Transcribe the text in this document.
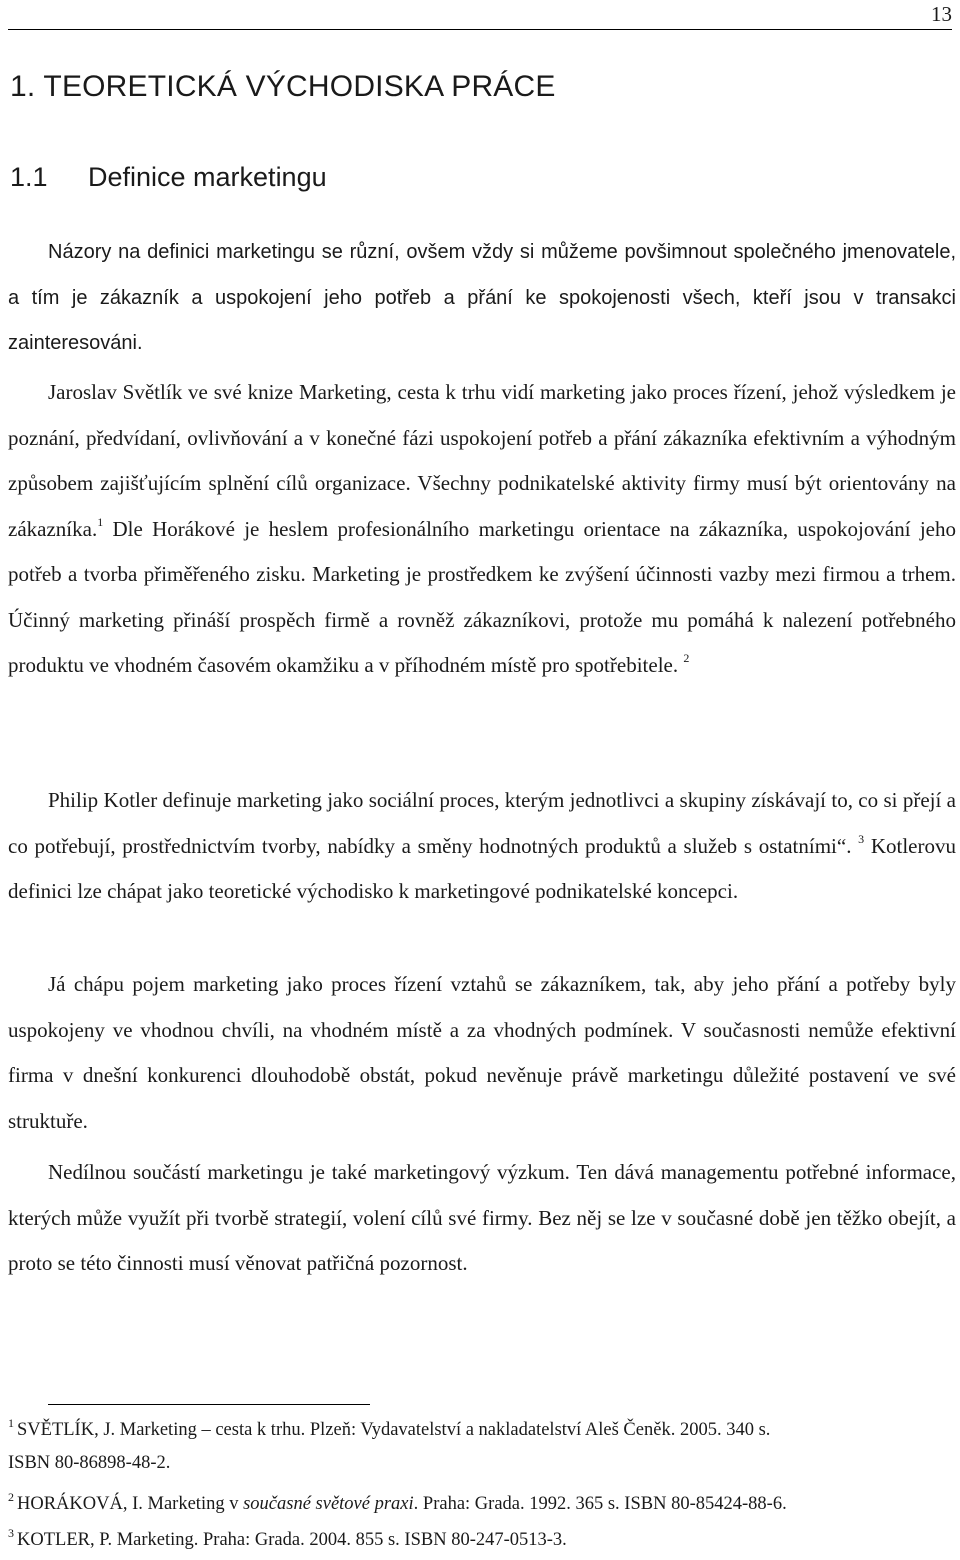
13
1. TEORETICKÁ VÝCHODISKA PRÁCE
1.1 Definice marketingu

Názory na definici marketingu se různí, ovšem vždy si můžeme povšimnout společného jmenovatele, a tím je zákazník a uspokojení jeho potřeb a přání ke spokojenosti všech, kteří jsou v transakci zainteresováni.

Jaroslav Světlík ve své knize Marketing, cesta k trhu vidí marketing jako proces řízení, jehož výsledkem je poznání, předvídaní, ovlivňování a v konečné fázi uspokojení potřeb a přání zákazníka efektivním a výhodným způsobem zajišťujícím splnění cílů organizace. Všechny podnikatelské aktivity firmy musí být orientovány na zákazníka.$^1$ Dle Horákové je heslem profesionálního marketingu orientace na zákazníka, uspokojování jeho potřeb a tvorba přiměřeného zisku. Marketing je prostředkem ke zvýšení účinnosti vazby mezi firmou a trhem. Účinný marketing přináší prospěch firmě a rovněž zákazníkovi, protože mu pomáhá k nalezení potřebného produktu ve vhodném časovém okamžiku a v příhodném místě pro spotřebitele. $^2$

Philip Kotler definuje marketing jako sociální proces, kterým jednotlivci a skupiny získávají to, co si přejí a co potřebují, prostřednictvím tvorby, nabídky a směny hodnotných produktů a služeb s ostatními“. $^3$ Kotlerovu definici lze chápat jako teoretické východisko k marketingové podnikatelské koncepci.

Já chápu pojem marketing jako proces řízení vztahů se zákazníkem, tak, aby jeho přání a potřeby byly uspokojeny ve vhodnou chvíli, na vhodném místě a za vhodných podmínek. V současnosti nemůže efektivní firma v dnešní konkurenci dlouhodobě obstát, pokud nevěnuje právě marketingu důležité postavení ve své struktuře.

Nedílnou součástí marketingu je také marketingový výzkum. Ten dává managementu potřebné informace, kterých může využít při tvorbě strategií, volení cílů své firmy. Bez něj se lze v současné době jen těžko obejít, a proto se této činnosti musí věnovat patřičná pozornost.

$^1$ SVĚTLÍK, J. Marketing – cesta k trhu. Plzeň: Vydavatelství a nakladatelství Aleš Čeněk. 2005. 340 s.

ISBN 80-86898-48-2.

$^2$ HORÁKOVÁ, I. Marketing v současné světové praxi. Praha: Grada. 1992. 365 s. ISBN 80-85424-88-6.

$^3$ KOTLER, P. Marketing. Praha: Grada. 2004. 855 s. ISBN 80-247-0513-3.
